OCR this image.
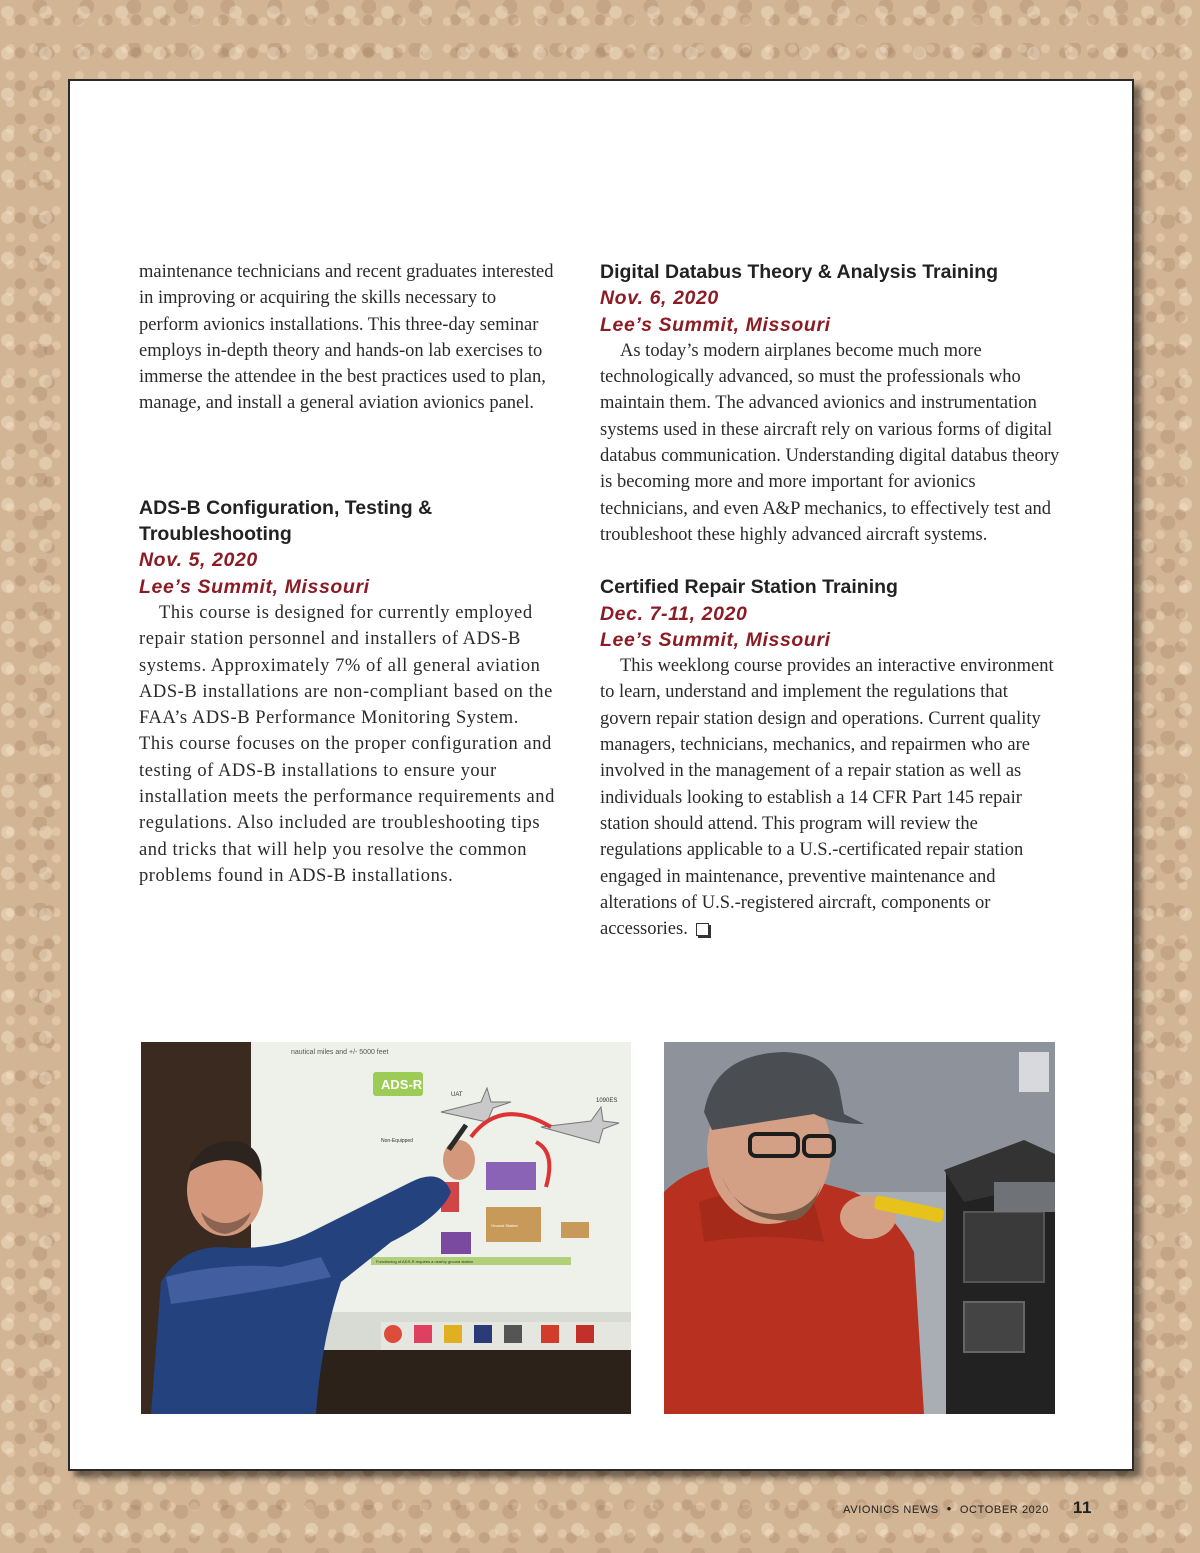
maintenance technicians and recent graduates interested in improving or acquiring the skills necessary to perform avionics installations. This three-day seminar employs in-depth theory and hands-on lab exercises to immerse the attendee in the best practices used to plan, manage, and install a general aviation avionics panel.

ADS-B Configuration, Testing &
Troubleshooting

Nov. 5, 2020

Lee’s Summit, Missouri

This course is designed for currently employed repair station personnel and installers of ADS-B systems. Approximately 7% of all general aviation ADS-B installations are non-compliant based on the FAA’s ADS-B Performance Monitoring System. This course focuses on the proper configuration and testing of ADS-B installations to ensure your installation meets the performance requirements and regulations. Also included are troubleshooting tips and tricks that will help you resolve the common problems found in ADS-B installations.

Digital Databus Theory & Analysis Training

Nov. 6, 2020

Lee’s Summit, Missouri

As today’s modern airplanes become much more technologically advanced, so must the professionals who maintain them. The advanced avionics and instrumentation systems used in these aircraft rely on various forms of digital databus communication. Understanding digital databus theory is becoming more and more important for avionics technicians, and even A&P mechanics, to effectively test and troubleshoot these highly advanced aircraft systems.

Certified Repair Station Training

Dec. 7-11, 2020

Lee’s Summit, Missouri

This weeklong course provides an interactive environment to learn, understand and implement the regulations that govern repair station design and operations. Current quality managers, technicians, mechanics, and repairmen who are involved in the management of a repair station as well as individuals looking to establish a 14 CFR Part 145 repair station should attend. This program will review the regulations applicable to a U.S.-certificated repair station engaged in maintenance, preventive maintenance and alterations of U.S.-registered aircraft, components or accessories.

nautical miles and +/- 5000 feet
ADS-R
UAT
1090ES
Non-Equipped
Ground Station
Functioning of ADS-R requires a nearby ground station
AVIONICS NEWS • OCTOBER 2020 11
